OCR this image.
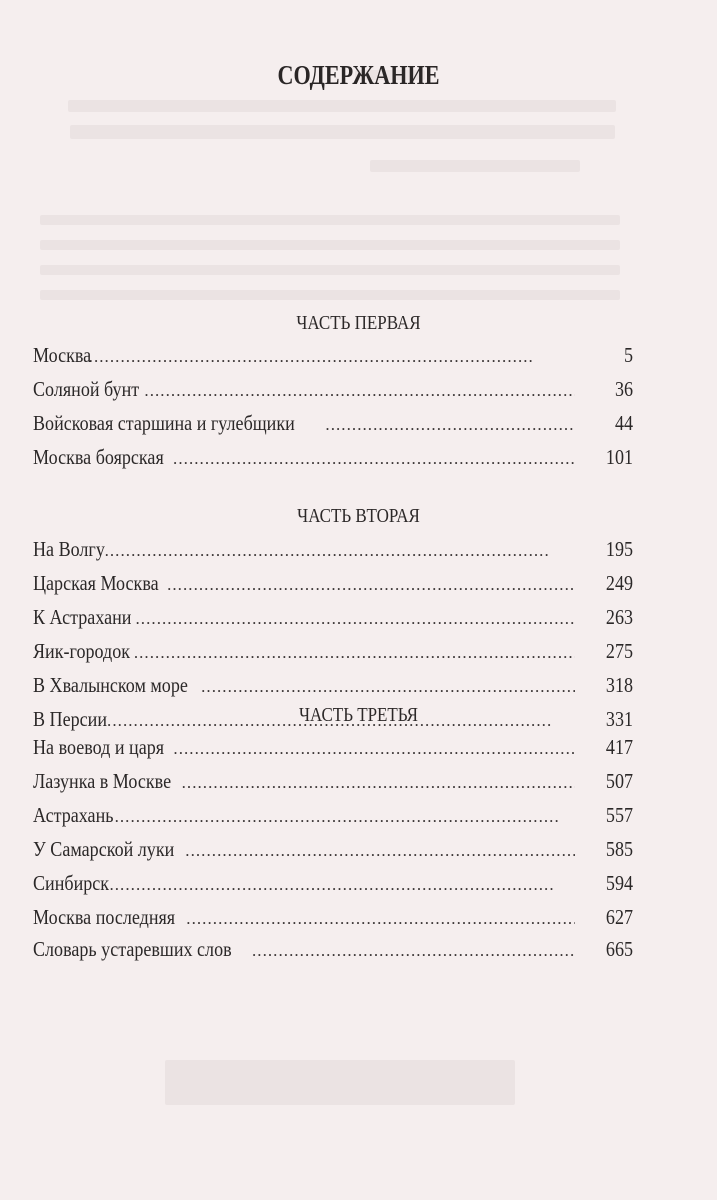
СОДЕРЖАНИЕ
ЧАСТЬ ПЕРВАЯ
Москва . . .	5
Соляной бунт . . .	36
Войсковая старшина и гулебщики . . .	44
Москва боярская . . .	101
ЧАСТЬ ВТОРАЯ
На Волгу . . .	195
Царская Москва . . .	249
К Астрахани . . .	263
Яик-городок . . .	275
В Хвалынском море . . .	318
В Персии . . .	331
ЧАСТЬ ТРЕТЬЯ
На воевод и царя . . .	417
Лазунка в Москве . . .	507
Астрахань . . .	557
У Самарской луки . . .	585
Синбирск . . .	594
Москва последняя . . .	627
Словарь устаревших слов . . .	665
